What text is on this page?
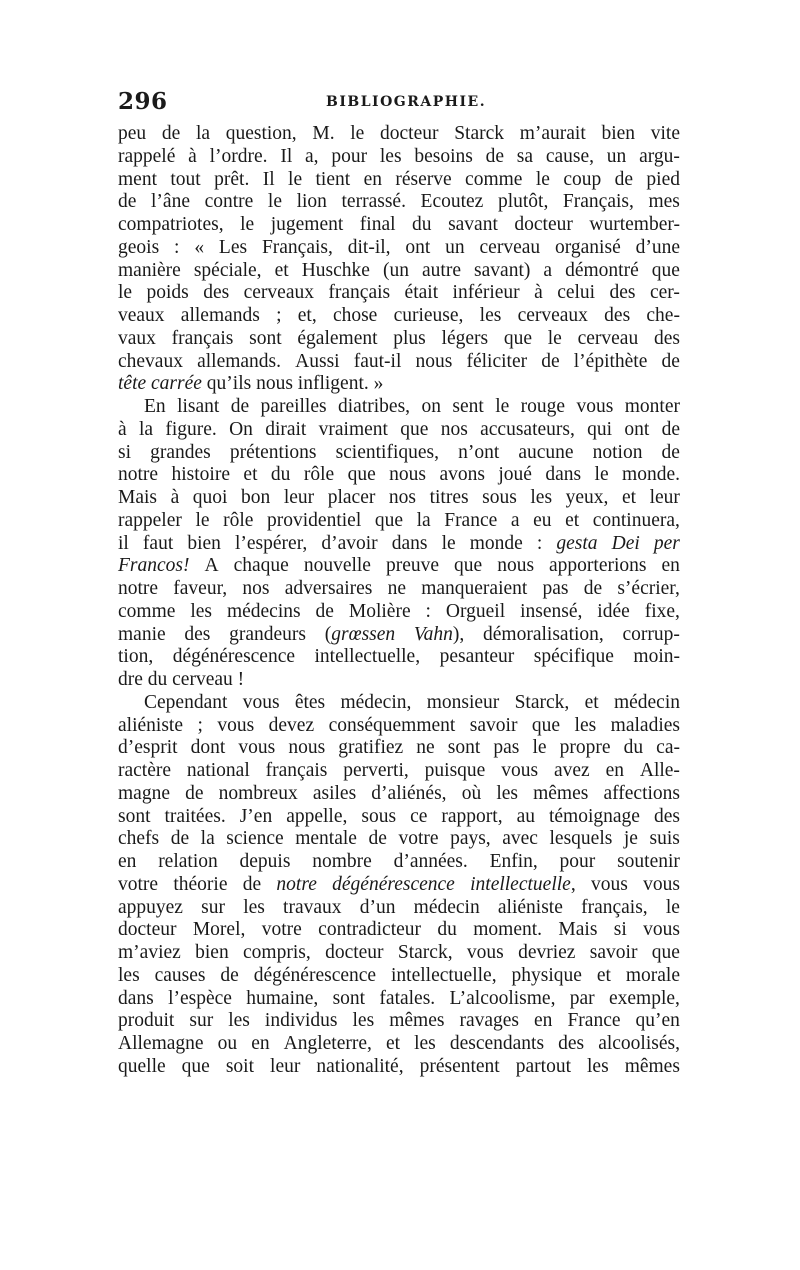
296	BIBLIOGRAPHIE.
peu de la question, M. le docteur Starck m’aurait bien vite
rappelé à l’ordre. Il a, pour les besoins de sa cause, un argu-
ment tout prêt. Il le tient en réserve comme le coup de pied
de l’âne contre le lion terrassé. Ecoutez plutôt, Français, mes
compatriotes, le jugement final du savant docteur wurtember-
geois : « Les Français, dit-il, ont un cerveau organisé d’une
manière spéciale, et Huschke (un autre savant) a démontré que
le poids des cerveaux français était inférieur à celui des cer-
veaux allemands ; et, chose curieuse, les cerveaux des che-
vaux français sont également plus légers que le cerveau des
chevaux allemands. Aussi faut-il nous féliciter de l’épithète de
tête carrée qu’ils nous infligent. »
En lisant de pareilles diatribes, on sent le rouge vous monter
à la figure. On dirait vraiment que nos accusateurs, qui ont de
si grandes prétentions scientifiques, n’ont aucune notion de
notre histoire et du rôle que nous avons joué dans le monde.
Mais à quoi bon leur placer nos titres sous les yeux, et leur
rappeler le rôle providentiel que la France a eu et continuera,
il faut bien l’espérer, d’avoir dans le monde : gesta Dei per
Francos! A chaque nouvelle preuve que nous apporterions en
notre faveur, nos adversaires ne manqueraient pas de s’écrier,
comme les médecins de Molière : Orgueil insensé, idée fixe,
manie des grandeurs (grœssen Vahn), démoralisation, corrup-
tion, dégénérescence intellectuelle, pesanteur spécifique moin-
dre du cerveau !
Cependant vous êtes médecin, monsieur Starck, et médecin
aliéniste ; vous devez conséquemment savoir que les maladies
d’esprit dont vous nous gratifiez ne sont pas le propre du ca-
ractère national français perverti, puisque vous avez en Alle-
magne de nombreux asiles d’aliénés, où les mêmes affections
sont traitées. J’en appelle, sous ce rapport, au témoignage des
chefs de la science mentale de votre pays, avec lesquels je suis
en relation depuis nombre d’années. Enfin, pour soutenir
votre théorie de notre dégénérescence intellectuelle, vous vous
appuyez sur les travaux d’un médecin aliéniste français, le
docteur Morel, votre contradicteur du moment. Mais si vous
m’aviez bien compris, docteur Starck, vous devriez savoir que
les causes de dégénérescence intellectuelle, physique et morale
dans l’espèce humaine, sont fatales. L’alcoolisme, par exemple,
produit sur les individus les mêmes ravages en France qu’en
Allemagne ou en Angleterre, et les descendants des alcoolisés,
quelle que soit leur nationalité, présentent partout les mêmes
